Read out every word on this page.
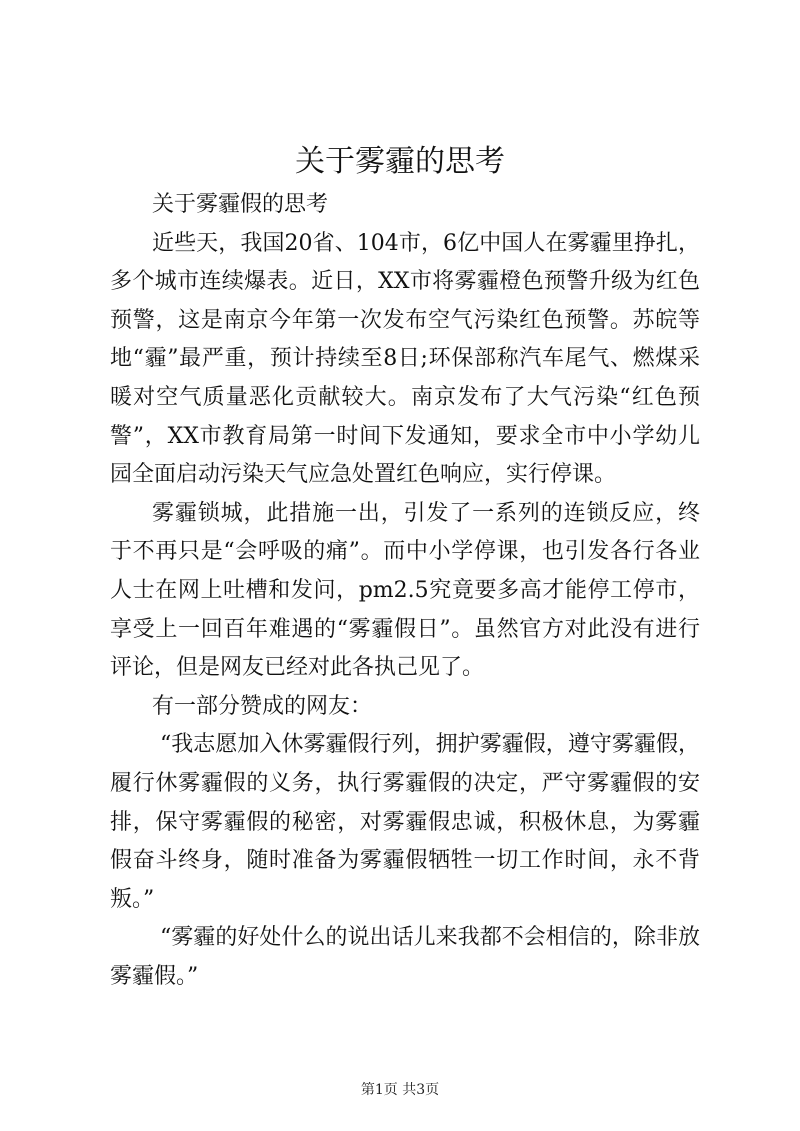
关于雾霾的思考

关于雾霾假的思考

近些天，我国20省、104市，6亿中国人在雾霾里挣扎，多个城市连续爆表。近日，XX市将雾霾橙色预警升级为红色预警，这是南京今年第一次发布空气污染红色预警。苏皖等地“霾”最严重，预计持续至8日;环保部称汽车尾气、燃煤采暖对空气质量恶化贡献较大。南京发布了大气污染“红色预警”，XX市教育局第一时间下发通知，要求全市中小学幼儿园全面启动污染天气应急处置红色响应，实行停课。

雾霾锁城，此措施一出，引发了一系列的连锁反应，终于不再只是“会呼吸的痛”。而中小学停课，也引发各行各业人士在网上吐槽和发问，pm2.5究竟要多高才能停工停市，享受上一回百年难遇的“雾霾假日”。虽然官方对此没有进行评论，但是网友已经对此各执己见了。

有一部分赞成的网友：

“我志愿加入休雾霾假行列，拥护雾霾假，遵守雾霾假，履行休雾霾假的义务，执行雾霾假的决定，严守雾霾假的安排，保守雾霾假的秘密，对雾霾假忠诚，积极休息，为雾霾假奋斗终身，随时准备为雾霾假牺牲一切工作时间，永不背叛。”

“雾霾的好处什么的说出话儿来我都不会相信的，除非放雾霾假。”

第1页 共3页
